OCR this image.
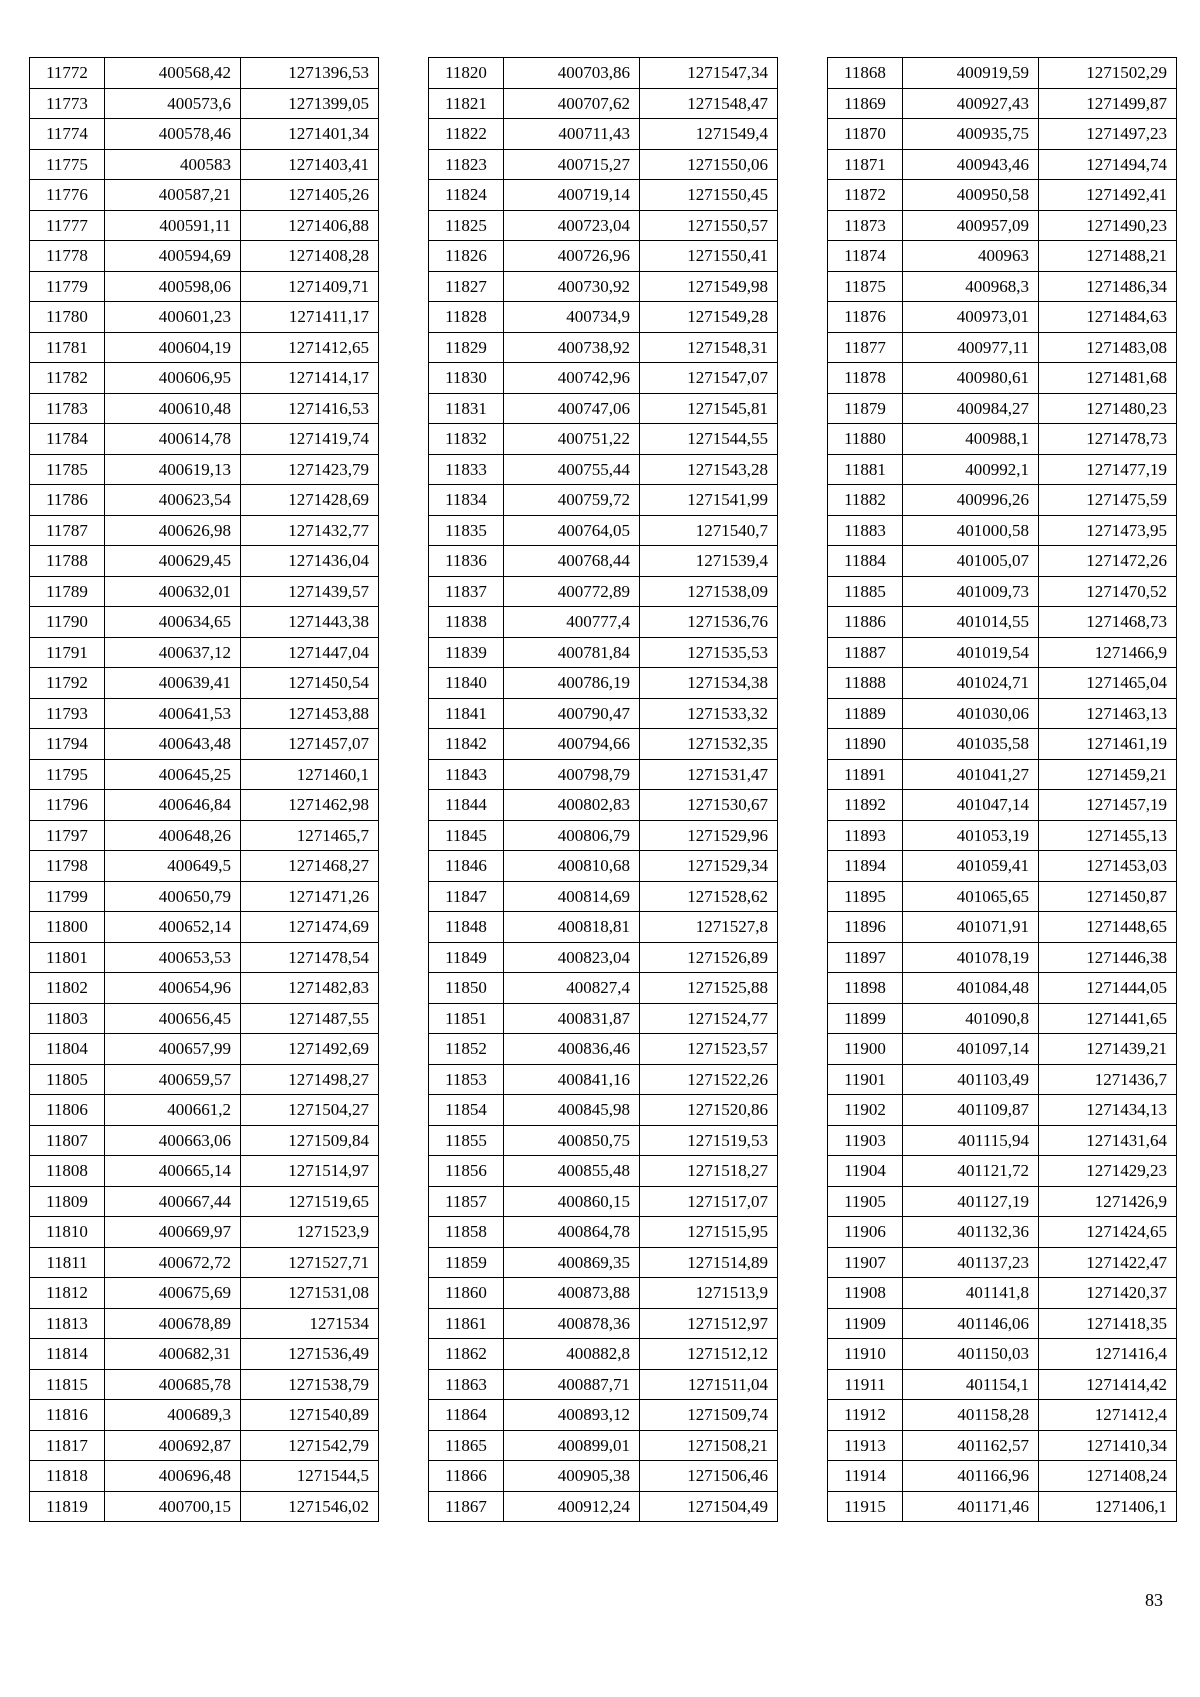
11772	400568,42	1271396,53
11773	400573,6	1271399,05
11774	400578,46	1271401,34
11775	400583	1271403,41
11776	400587,21	1271405,26
11777	400591,11	1271406,88
11778	400594,69	1271408,28
11779	400598,06	1271409,71
11780	400601,23	1271411,17
11781	400604,19	1271412,65
11782	400606,95	1271414,17
11783	400610,48	1271416,53
11784	400614,78	1271419,74
11785	400619,13	1271423,79
11786	400623,54	1271428,69
11787	400626,98	1271432,77
11788	400629,45	1271436,04
11789	400632,01	1271439,57
11790	400634,65	1271443,38
11791	400637,12	1271447,04
11792	400639,41	1271450,54
11793	400641,53	1271453,88
11794	400643,48	1271457,07
11795	400645,25	1271460,1
11796	400646,84	1271462,98
11797	400648,26	1271465,7
11798	400649,5	1271468,27
11799	400650,79	1271471,26
11800	400652,14	1271474,69
11801	400653,53	1271478,54
11802	400654,96	1271482,83
11803	400656,45	1271487,55
11804	400657,99	1271492,69
11805	400659,57	1271498,27
11806	400661,2	1271504,27
11807	400663,06	1271509,84
11808	400665,14	1271514,97
11809	400667,44	1271519,65
11810	400669,97	1271523,9
11811	400672,72	1271527,71
11812	400675,69	1271531,08
11813	400678,89	1271534
11814	400682,31	1271536,49
11815	400685,78	1271538,79
11816	400689,3	1271540,89
11817	400692,87	1271542,79
11818	400696,48	1271544,5
11819	400700,15	1271546,02
11820	400703,86	1271547,34
11821	400707,62	1271548,47
11822	400711,43	1271549,4
11823	400715,27	1271550,06
11824	400719,14	1271550,45
11825	400723,04	1271550,57
11826	400726,96	1271550,41
11827	400730,92	1271549,98
11828	400734,9	1271549,28
11829	400738,92	1271548,31
11830	400742,96	1271547,07
11831	400747,06	1271545,81
11832	400751,22	1271544,55
11833	400755,44	1271543,28
11834	400759,72	1271541,99
11835	400764,05	1271540,7
11836	400768,44	1271539,4
11837	400772,89	1271538,09
11838	400777,4	1271536,76
11839	400781,84	1271535,53
11840	400786,19	1271534,38
11841	400790,47	1271533,32
11842	400794,66	1271532,35
11843	400798,79	1271531,47
11844	400802,83	1271530,67
11845	400806,79	1271529,96
11846	400810,68	1271529,34
11847	400814,69	1271528,62
11848	400818,81	1271527,8
11849	400823,04	1271526,89
11850	400827,4	1271525,88
11851	400831,87	1271524,77
11852	400836,46	1271523,57
11853	400841,16	1271522,26
11854	400845,98	1271520,86
11855	400850,75	1271519,53
11856	400855,48	1271518,27
11857	400860,15	1271517,07
11858	400864,78	1271515,95
11859	400869,35	1271514,89
11860	400873,88	1271513,9
11861	400878,36	1271512,97
11862	400882,8	1271512,12
11863	400887,71	1271511,04
11864	400893,12	1271509,74
11865	400899,01	1271508,21
11866	400905,38	1271506,46
11867	400912,24	1271504,49
11868	400919,59	1271502,29
11869	400927,43	1271499,87
11870	400935,75	1271497,23
11871	400943,46	1271494,74
11872	400950,58	1271492,41
11873	400957,09	1271490,23
11874	400963	1271488,21
11875	400968,3	1271486,34
11876	400973,01	1271484,63
11877	400977,11	1271483,08
11878	400980,61	1271481,68
11879	400984,27	1271480,23
11880	400988,1	1271478,73
11881	400992,1	1271477,19
11882	400996,26	1271475,59
11883	401000,58	1271473,95
11884	401005,07	1271472,26
11885	401009,73	1271470,52
11886	401014,55	1271468,73
11887	401019,54	1271466,9
11888	401024,71	1271465,04
11889	401030,06	1271463,13
11890	401035,58	1271461,19
11891	401041,27	1271459,21
11892	401047,14	1271457,19
11893	401053,19	1271455,13
11894	401059,41	1271453,03
11895	401065,65	1271450,87
11896	401071,91	1271448,65
11897	401078,19	1271446,38
11898	401084,48	1271444,05
11899	401090,8	1271441,65
11900	401097,14	1271439,21
11901	401103,49	1271436,7
11902	401109,87	1271434,13
11903	401115,94	1271431,64
11904	401121,72	1271429,23
11905	401127,19	1271426,9
11906	401132,36	1271424,65
11907	401137,23	1271422,47
11908	401141,8	1271420,37
11909	401146,06	1271418,35
11910	401150,03	1271416,4
11911	401154,1	1271414,42
11912	401158,28	1271412,4
11913	401162,57	1271410,34
11914	401166,96	1271408,24
11915	401171,46	1271406,1
83
